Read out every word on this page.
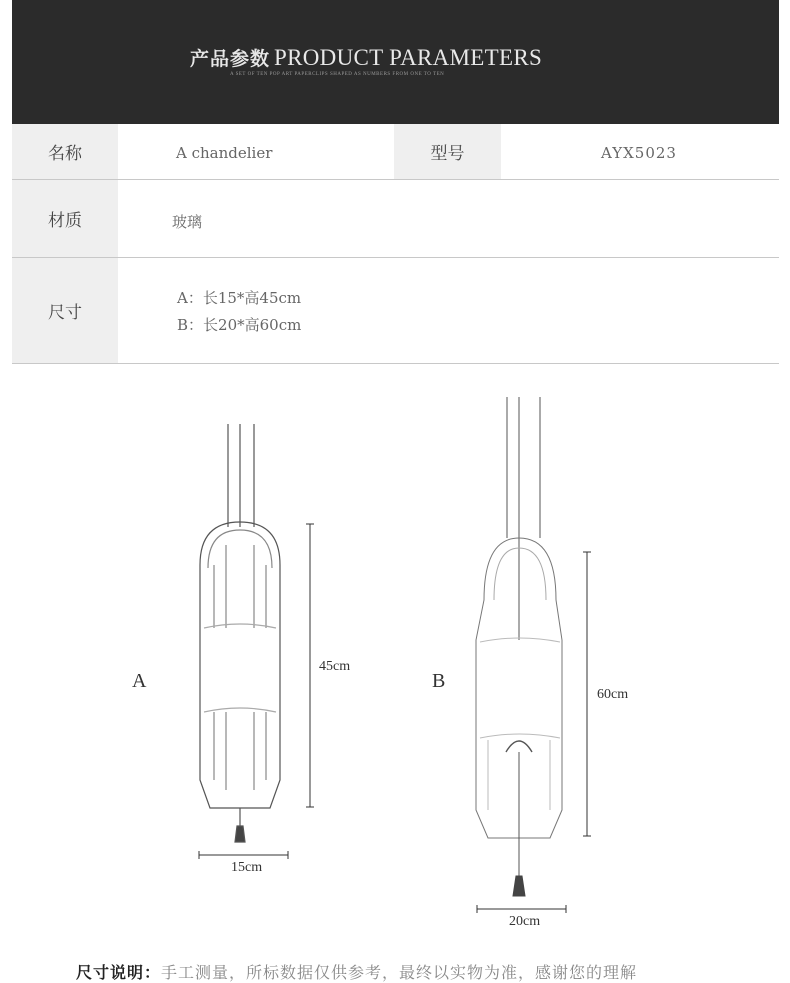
产品参数 PRODUCT PARAMETERS
A SET OF TEN POP ART PAPERCLIPS SHAPED AS NUMBERS FROM ONE TO TEN
名称	A chandelier	型号	AYX5023
材质	玻璃
尺寸
A：长15*高45cm
B：长20*高60cm
A
45cm
15cm
B
60cm
20cm
尺寸说明：手工测量，所标数据仅供参考，最终以实物为准，感谢您的理解
